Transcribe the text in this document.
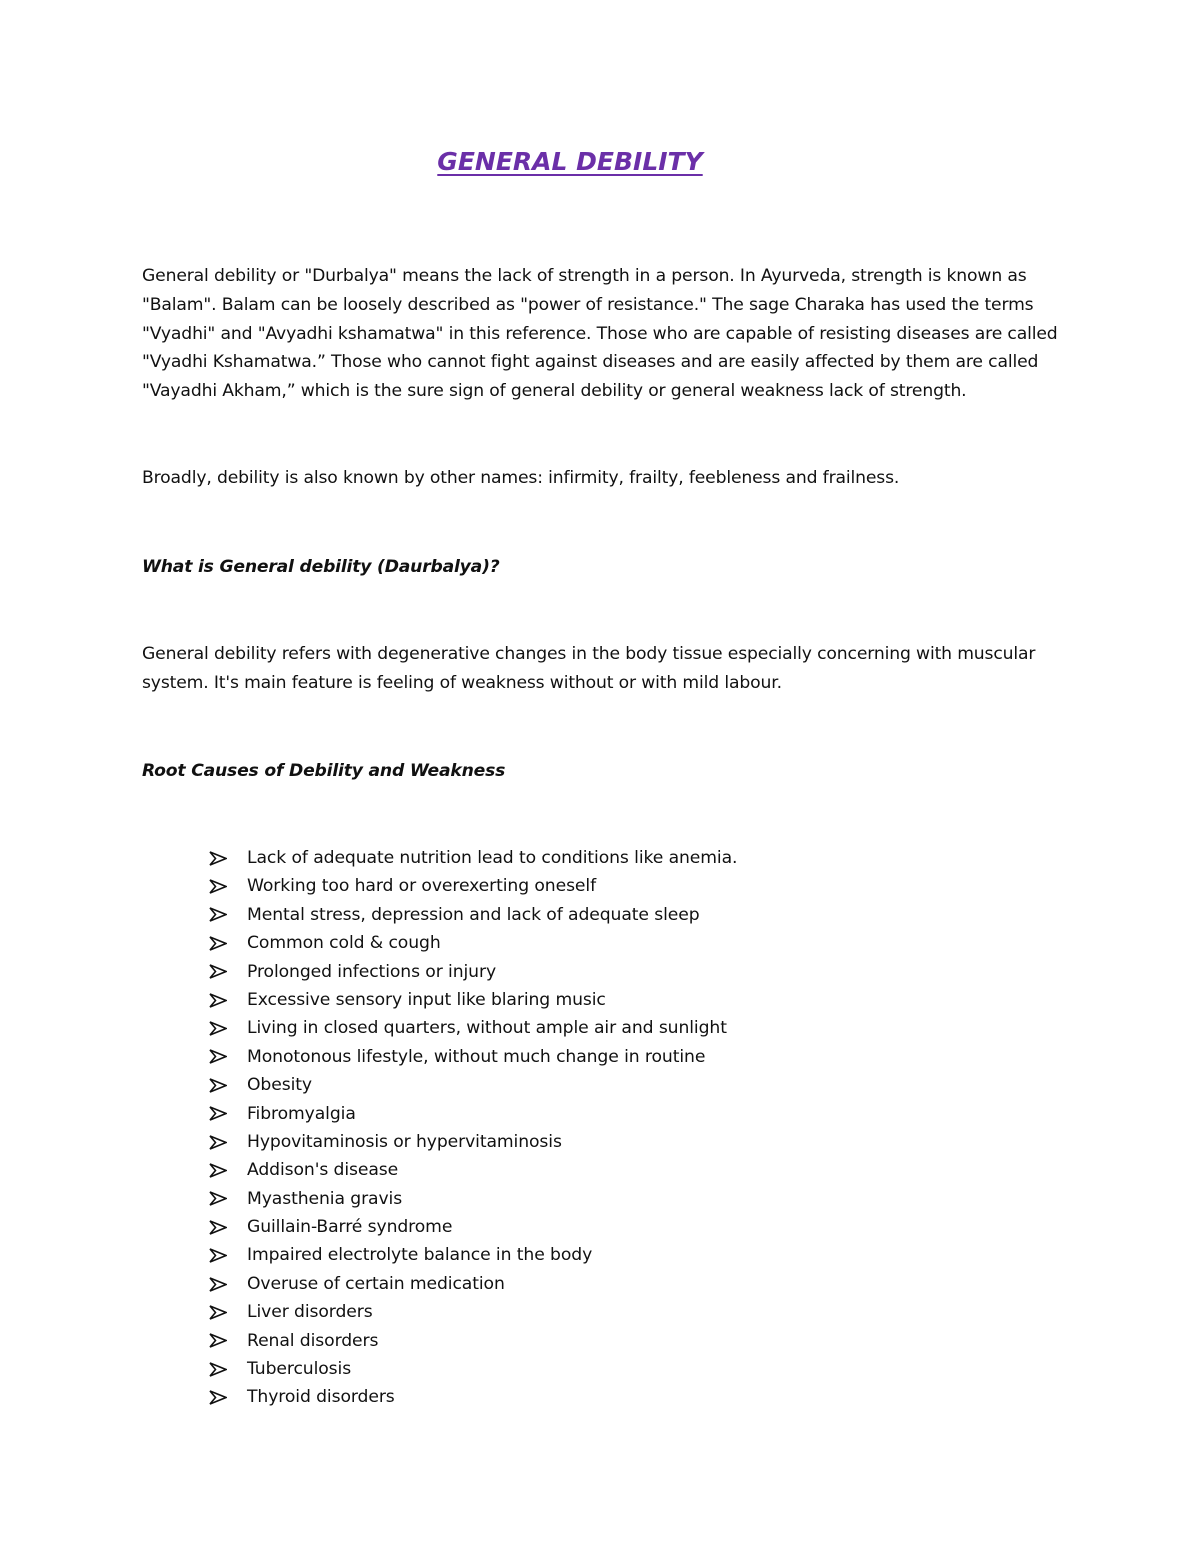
GENERAL DEBILITY

General debility or "Durbalya" means the lack of strength in a person. In Ayurveda, strength is known as "Balam". Balam can be loosely described as "power of resistance." The sage Charaka has used the terms "Vyadhi" and "Avyadhi kshamatwa" in this reference. Those who are capable of resisting diseases are called "Vyadhi Kshamatwa.” Those who cannot fight against diseases and are easily affected by them are called "Vayadhi Akham,” which is the sure sign of general debility or general weakness lack of strength.

Broadly, debility is also known by other names: infirmity, frailty, feebleness and frailness.

What is General debility (Daurbalya)?

General debility refers with degenerative changes in the body tissue especially concerning with muscular system. It's main feature is feeling of weakness without or with mild labour.

Root Causes of Debility and Weakness
Lack of adequate nutrition lead to conditions like anemia.
Working too hard or overexerting oneself
Mental stress, depression and lack of adequate sleep
Common cold & cough
Prolonged infections or injury
Excessive sensory input like blaring music
Living in closed quarters, without ample air and sunlight
Monotonous lifestyle, without much change in routine
Obesity
Fibromyalgia
Hypovitaminosis or hypervitaminosis
Addison's disease
Myasthenia gravis
Guillain-Barré syndrome
Impaired electrolyte balance in the body
Overuse of certain medication
Liver disorders
Renal disorders
Tuberculosis
Thyroid disorders
